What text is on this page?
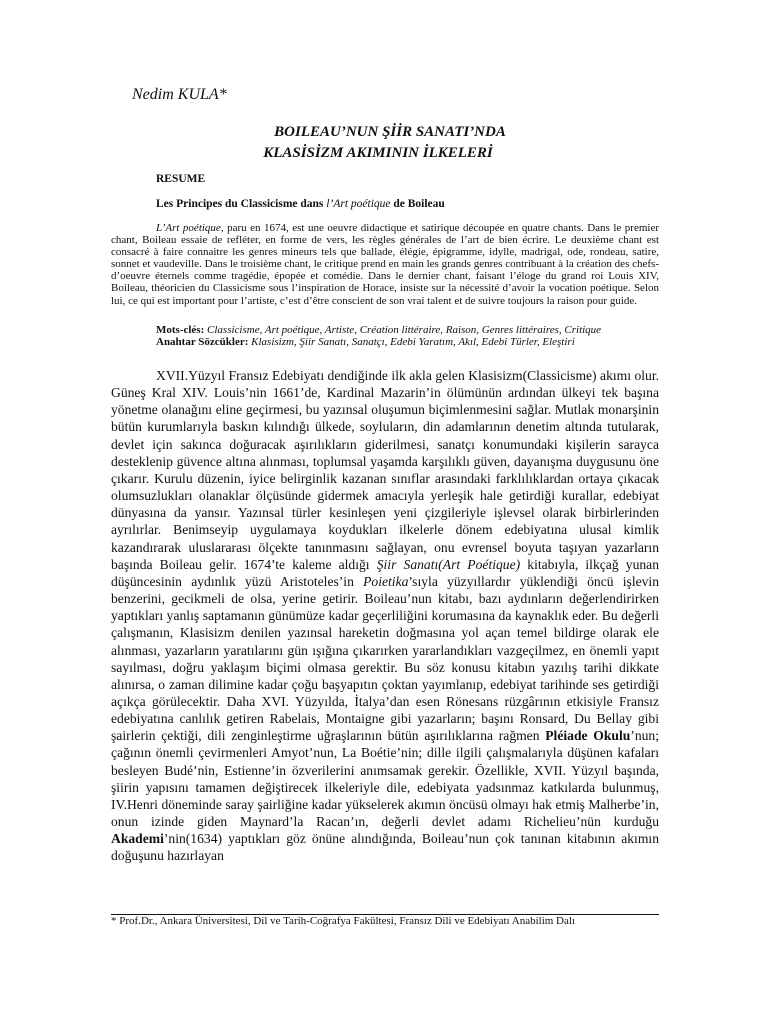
Nedim KULA*
BOILEAU’NUN ŞİİR SANATI’NDA
KLASİSİZM AKIMININ İLKELERİ
RESUME
Les Principes du Classicisme dans l’Art poétique de Boileau

L’Art poétique, paru en 1674, est une oeuvre didactique et satirique découpée en quatre chants. Dans le premier chant, Boileau essaie de refléter, en forme de vers, les règles générales de l’art de bien écrire. Le deuxième chant est consacré à faire connaitre les genres mineurs tels que ballade, élégie, épigramme, idylle, madrigal, ode, rondeau, satire, sonnet et vaudeville. Dans le troisième chant, le critique prend en main les grands genres contribuant à la création des chefs-d’oeuvre éternels comme tragédie, épopée et comédie. Dans le dernier chant, faisant l’éloge du grand roi Louis XIV, Boileau, théoricien du Classicisme sous l’inspiration de Horace, insiste sur la nécessité d’avoir la vocation poétique. Selon lui, ce qui est important pour l’artiste, c’est d’être conscient de son vrai talent et de suivre toujours la raison pour guide.

Mots-clés: Classicisme, Art poétique, Artiste, Création littéraire, Raison, Genres littéraires, Critique
Anahtar Sözcükler: Klasisizm, Şiir Sanatı, Sanatçı, Edebi Yaratım, Akıl, Edebi Türler, Eleştiri

XVII.Yüzyıl Fransız Edebiyatı dendiğinde ilk akla gelen Klasisizm(Classicisme) akımı olur. Güneş Kral XIV. Louis’nin 1661’de, Kardinal Mazarin’in ölümünün ardından ülkeyi tek başına yönetme olanağını eline geçirmesi, bu yazınsal oluşumun biçimlenmesini sağlar. Mutlak monarşinin bütün kurumlarıyla baskın kılındığı ülkede, soyluların, din adamlarının denetim altında tutularak, devlet için sakınca doğuracak aşırılıkların giderilmesi, sanatçı konumundaki kişilerin sarayca desteklenip güvence altına alınması, toplumsal yaşamda karşılıklı güven, dayanışma duygusunu öne çıkarır. Kurulu düzenin, iyice belirginlik kazanan sınıflar arasındaki farklılıklardan ortaya çıkacak olumsuzlukları olanaklar ölçüsünde gidermek amacıyla yerleşik hale getirdiği kurallar, edebiyat dünyasına da yansır. Yazınsal türler kesinleşen yeni çizgileriyle işlevsel olarak birbirlerinden ayrılırlar. Benimseyip uygulamaya koydukları ilkelerle dönem edebiyatına ulusal kimlik kazandırarak uluslararası ölçekte tanınmasını sağlayan, onu evrensel boyuta taşıyan yazarların başında Boileau gelir. 1674’te kaleme aldığı Şiir Sanatı(Art Poétique) kitabıyla, ilkçağ yunan düşüncesinin aydınlık yüzü Aristoteles’in Poietika’sıyla yüzyıllardır yüklendiği öncü işlevin benzerini, gecikmeli de olsa, yerine getirir. Boileau’nun kitabı, bazı aydınların değerlendirirken yaptıkları yanlış saptamanın günümüze kadar geçerliliğini korumasına da kaynaklık eder. Bu değerli çalışmanın, Klasisizm denilen yazınsal hareketin doğmasına yol açan temel bildirge olarak ele alınması, yazarların yaratılarını gün ışığına çıkarırken yararlandıkları vazgeçilmez, en önemli yapıt sayılması, doğru yaklaşım biçimi olmasa gerektir. Bu söz konusu kitabın yazılış tarihi dikkate alınırsa, o zaman dilimine kadar çoğu başyapıtın çoktan yayımlanıp, edebiyat tarihinde ses getirdiği açıkça görülecektir. Daha XVI. Yüzyılda, İtalya’dan esen Rönesans rüzgârının etkisiyle Fransız edebiyatına canlılık getiren Rabelais, Montaigne gibi yazarların; başını Ronsard, Du Bellay gibi şairlerin çektiği, dili zenginleştirme uğraşlarının bütün aşırılıklarına rağmen Pléiade Okulu’nun; çağının önemli çevirmenleri Amyot’nun, La Boétie’nin; dille ilgili çalışmalarıyla düşünen kafaları besleyen Budé’nin, Estienne’in özverilerini anımsamak gerekir. Özellikle, XVII. Yüzyıl başında, şiirin yapısını tamamen değiştirecek ilkeleriyle dile, edebiyata yadsınmaz katkılarda bulunmuş, IV.Henri döneminde saray şairliğine kadar yükselerek akımın öncüsü olmayı hak etmiş Malherbe’in, onun izinde giden Maynard’la Racan’ın, değerli devlet adamı Richelieu’nün kurduğu Akademi’nin(1634) yaptıkları göz önüne alındığında, Boileau’nun çok tanınan kitabının akımın doğuşunu hazırlayan

* Prof.Dr., Ankara Üniversitesi, Dil ve Tarih-Coğrafya Fakültesi, Fransız Dili ve Edebiyatı Anabilim Dalı
